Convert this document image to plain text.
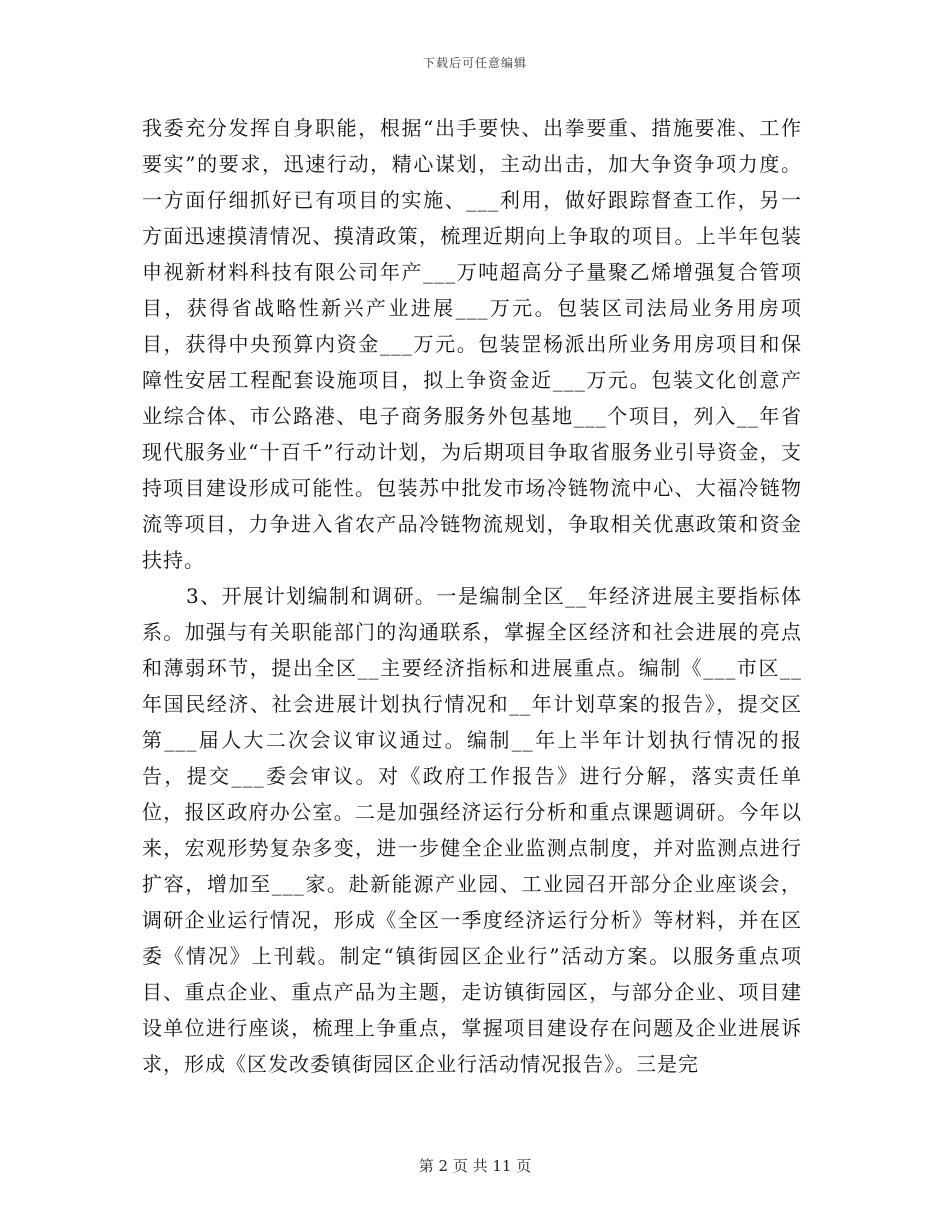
下载后可任意编辑

我委充分发挥自身职能，根据“出手要快、出拳要重、措施要准、工作要实”的要求，迅速行动，精心谋划，主动出击，加大争资争项力度。一方面仔细抓好已有项目的实施、___利用，做好跟踪督查工作，另一方面迅速摸清情况、摸清政策，梳理近期向上争取的项目。上半年包装申视新材料科技有限公司年产___万吨超高分子量聚乙烯增强复合管项目，获得省战略性新兴产业进展___万元。包装区司法局业务用房项目，获得中央预算内资金___万元。包装罡杨派出所业务用房项目和保障性安居工程配套设施项目，拟上争资金近___万元。包装文化创意产业综合体、市公路港、电子商务服务外包基地___个项目，列入__年省现代服务业“十百千”行动计划，为后期项目争取省服务业引导资金，支持项目建设形成可能性。包装苏中批发市场冷链物流中心、大福冷链物流等项目，力争进入省农产品冷链物流规划，争取相关优惠政策和资金扶持。

3、开展计划编制和调研。一是编制全区__年经济进展主要指标体系。加强与有关职能部门的沟通联系，掌握全区经济和社会进展的亮点和薄弱环节，提出全区__主要经济指标和进展重点。编制《___市区__年国民经济、社会进展计划执行情况和__年计划草案的报告》，提交区第___届人大二次会议审议通过。编制__年上半年计划执行情况的报告，提交___委会审议。对《政府工作报告》进行分解，落实责任单位，报区政府办公室。二是加强经济运行分析和重点课题调研。今年以来，宏观形势复杂多变，进一步健全企业监测点制度，并对监测点进行扩容，增加至___家。赴新能源产业园、工业园召开部分企业座谈会，调研企业运行情况，形成《全区一季度经济运行分析》等材料，并在区委《情况》上刊载。制定“镇街园区企业行”活动方案。以服务重点项目、重点企业、重点产品为主题，走访镇街园区，与部分企业、项目建设单位进行座谈，梳理上争重点，掌握项目建设存在问题及企业进展诉求，形成《区发改委镇街园区企业行活动情况报告》。三是完

第 2 页 共 11 页
